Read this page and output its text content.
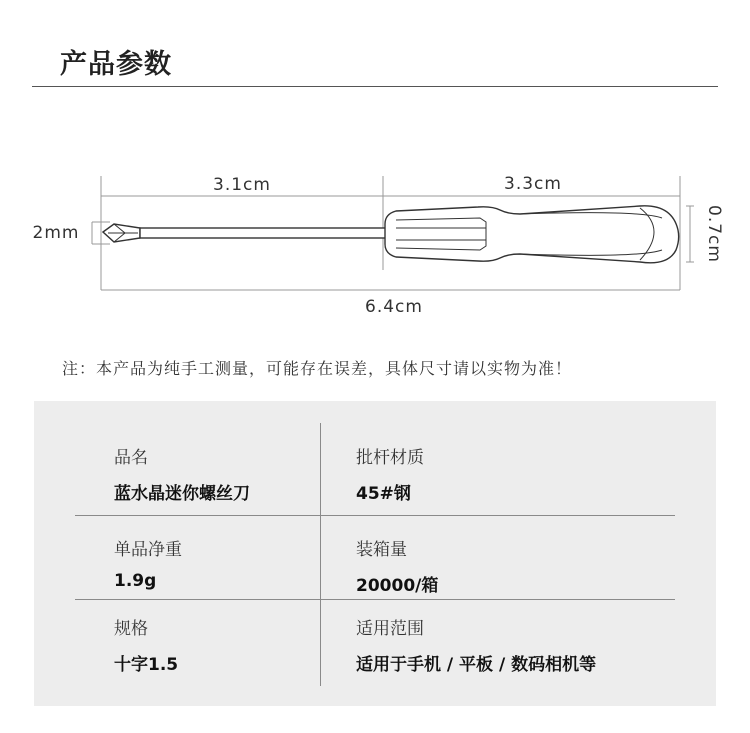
产品参数
3.1cm	3.3cm
6.4cm
2mm	0.7cm
注：本产品为纯手工测量，可能存在误差，具体尺寸请以实物为准！
品名
蓝水晶迷你螺丝刀
批杆材质
45#钢
单品净重
1.9g
装箱量
20000/箱
规格
十字1.5
适用范围
适用于手机 / 平板 / 数码相机等
